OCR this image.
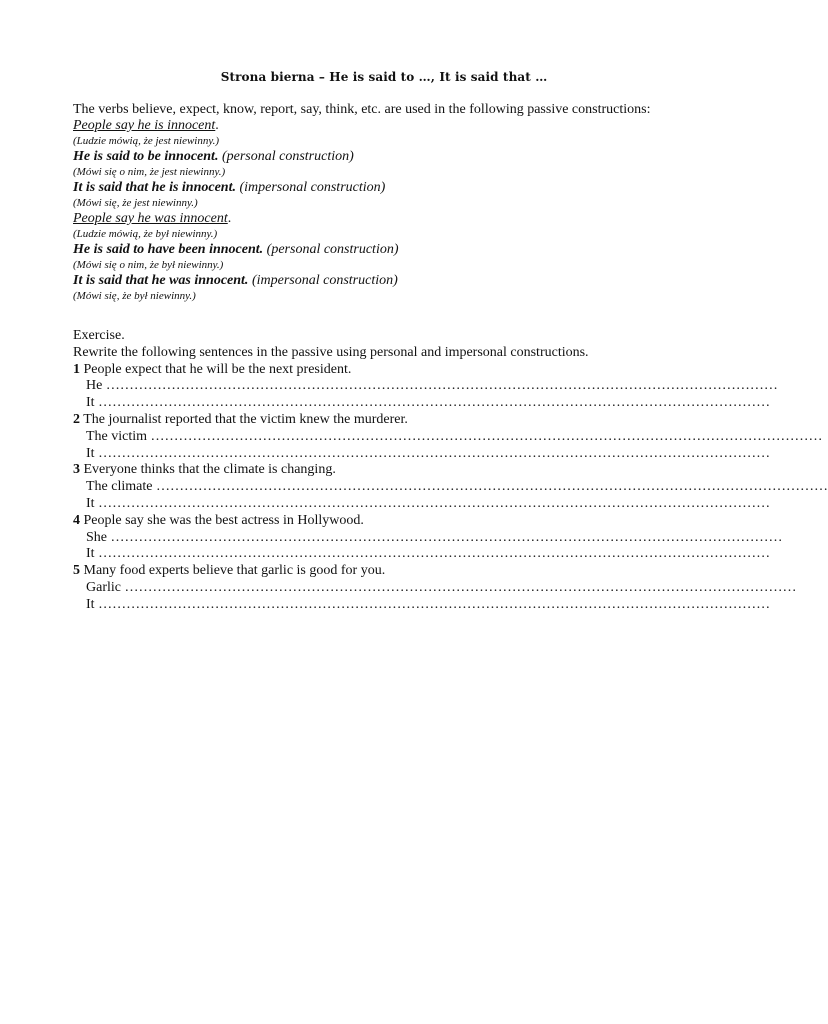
Strona bierna – He is said to …, It is said that …

The verbs believe, expect, know, report, say, think, etc. are used in the following passive constructions:

People say he is innocent.
(Ludzie mówią, że jest niewinny.)
He is said to be innocent. (personal construction)
(Mówi się o nim, że jest niewinny.)
It is said that he is innocent. (impersonal construction)
(Mówi się, że jest niewinny.)
People say he was innocent.
(Ludzie mówią, że był niewinny.)
He is said to have been innocent. (personal construction)
(Mówi się o nim, że był niewinny.)
It is said that he was innocent. (impersonal construction)
(Mówi się, że był niewinny.)
Exercise.
Rewrite the following sentences in the passive using personal and impersonal constructions.
1 People expect that he will be the next president.
He ………………………………………………………………………………………………………………………………
It ………………………………………………………………………………………………………………………………
2 The journalist reported that the victim knew the murderer.
The victim ………………………………………………………………………………………………………………………………
It ………………………………………………………………………………………………………………………………
3 Everyone thinks that the climate is changing.
The climate ………………………………………………………………………………………………………………………………
It ………………………………………………………………………………………………………………………………
4 People say she was the best actress in Hollywood.
She ………………………………………………………………………………………………………………………………
It ………………………………………………………………………………………………………………………………
5 Many food experts believe that garlic is good for you.
Garlic ………………………………………………………………………………………………………………………………
It ………………………………………………………………………………………………………………………………
